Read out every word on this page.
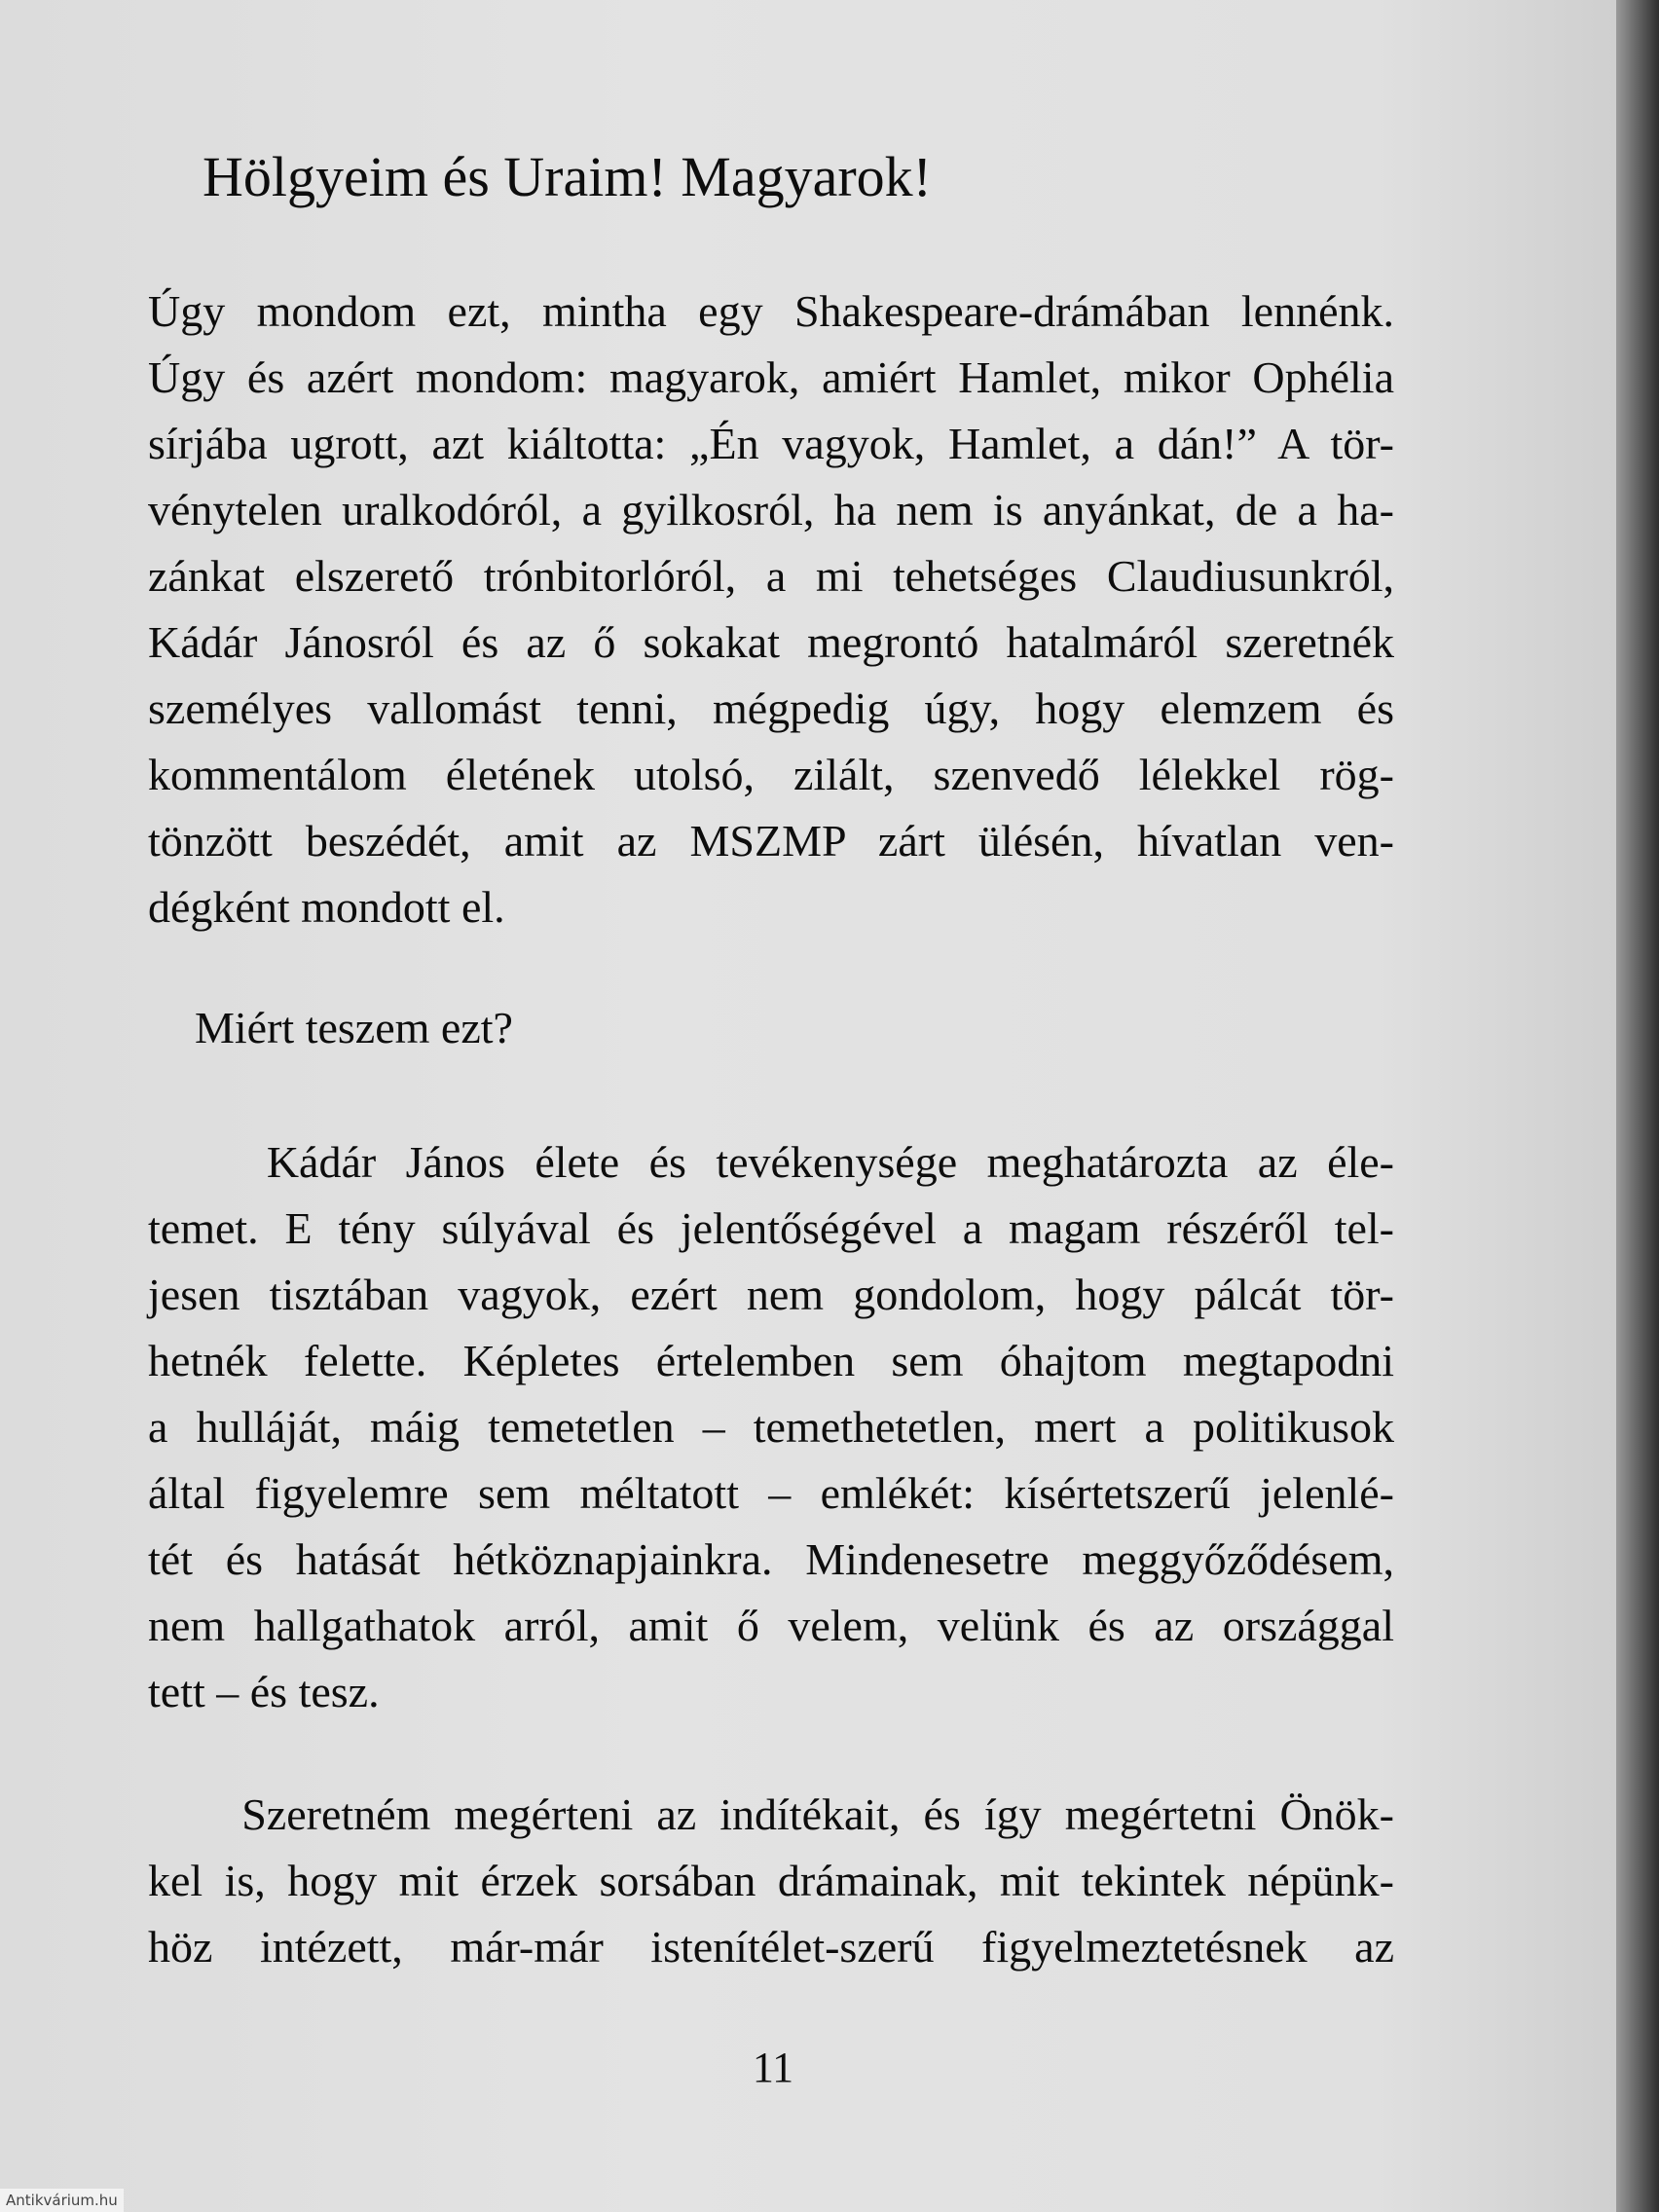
Hölgyeim és Uraim! Magyarok!
Úgy mondom ezt, mintha egy Shakespeare-drámában lennénk.
Úgy és azért mondom: magyarok, amiért Hamlet, mikor Ophélia
sírjába ugrott, azt kiáltotta: „Én vagyok, Hamlet, a dán!” A tör-
vénytelen uralkodóról, a gyilkosról, ha nem is anyánkat, de a ha-
zánkat elszerető trónbitorlóról, a mi tehetséges Claudiusunkról,
Kádár Jánosról és az ő sokakat megrontó hatalmáról szeretnék
személyes vallomást tenni, mégpedig úgy, hogy elemzem és
kommentálom életének utolsó, zilált, szenvedő lélekkel rög-
tönzött beszédét, amit az MSZMP zárt ülésén, hívatlan ven-
dégként mondott el.
Miért teszem ezt?
Kádár János élete és tevékenysége meghatározta az éle-
temet. E tény súlyával és jelentőségével a magam részéről tel-
jesen tisztában vagyok, ezért nem gondolom, hogy pálcát tör-
hetnék felette. Képletes értelemben sem óhajtom megtapodni
a hulláját, máig temetetlen – temethetetlen, mert a politikusok
által figyelemre sem méltatott – emlékét: kísértetszerű jelenlé-
tét és hatását hétköznapjainkra. Mindenesetre meggyőződésem,
nem hallgathatok arról, amit ő velem, velünk és az országgal
tett – és tesz.
Szeretném megérteni az indítékait, és így megértetni Önök-
kel is, hogy mit érzek sorsában drámainak, mit tekintek népünk-
höz intézett, már-már istenítélet-szerű figyelmeztetésnek az
11
Antikvárium.hu
